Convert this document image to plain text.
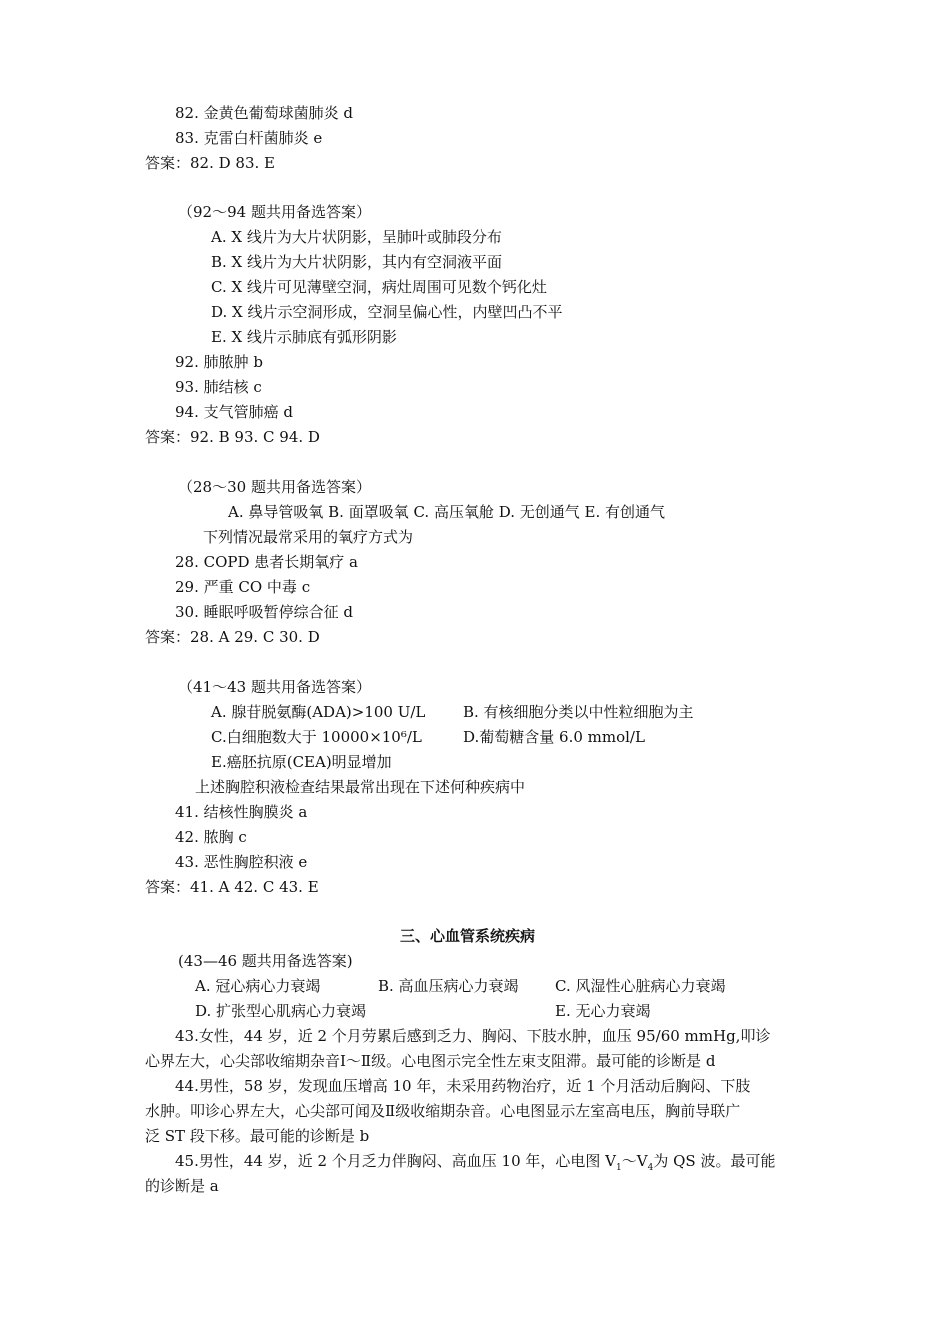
82. 金黄色葡萄球菌肺炎 d
83. 克雷白杆菌肺炎 e
答案：82. D 83. E
（92～94 题共用备选答案）
A. X 线片为大片状阴影，呈肺叶或肺段分布
B. X 线片为大片状阴影，其内有空洞液平面
C. X 线片可见薄壁空洞，病灶周围可见数个钙化灶
D. X 线片示空洞形成，空洞呈偏心性，内壁凹凸不平
E. X 线片示肺底有弧形阴影
92. 肺脓肿 b
93. 肺结核 c
94. 支气管肺癌 d
答案：92. B 93. C 94. D
（28～30 题共用备选答案）
A. 鼻导管吸氧 B. 面罩吸氧 C. 高压氧舱 D. 无创通气 E. 有创通气
下列情况最常采用的氧疗方式为
28. COPD 患者长期氧疗 a
29. 严重 CO 中毒 c
30. 睡眠呼吸暂停综合征 d
答案：28. A 29. C 30. D
（41～43 题共用备选答案）
A. 腺苷脱氨酶(ADA)>100 U/L	B. 有核细胞分类以中性粒细胞为主
C.白细胞数大于 10000×10⁶/L	D.葡萄糖含量 6.0 mmol/L
E.癌胚抗原(CEA)明显增加
上述胸腔积液检查结果最常出现在下述何种疾病中
41. 结核性胸膜炎 a
42. 脓胸 c
43. 恶性胸腔积液 e
答案：41. A 42. C 43. E
三、心血管系统疾病
(43—46 题共用备选答案)
A. 冠心病心力衰竭	B. 高血压病心力衰竭 C. 风湿性心脏病心力衰竭
D. 扩张型心肌病心力衰竭	E. 无心力衰竭
43.女性，44 岁，近 2 个月劳累后感到乏力、胸闷、下肢水肿，血压 95/60 mmHg,叩诊
心界左大，心尖部收缩期杂音Ⅰ～Ⅱ级。心电图示完全性左束支阻滞。最可能的诊断是 d
44.男性，58 岁，发现血压增高 10 年，未采用药物治疗，近 1 个月活动后胸闷、下肢
水肿。叩诊心界左大，心尖部可闻及Ⅱ级收缩期杂音。心电图显示左室高电压，胸前导联广
泛 ST 段下移。最可能的诊断是 b
45.男性，44 岁，近 2 个月乏力伴胸闷、高血压 10 年，心电图 $V_1\sim V_4$为 QS 波。最可能
的诊断是 a
